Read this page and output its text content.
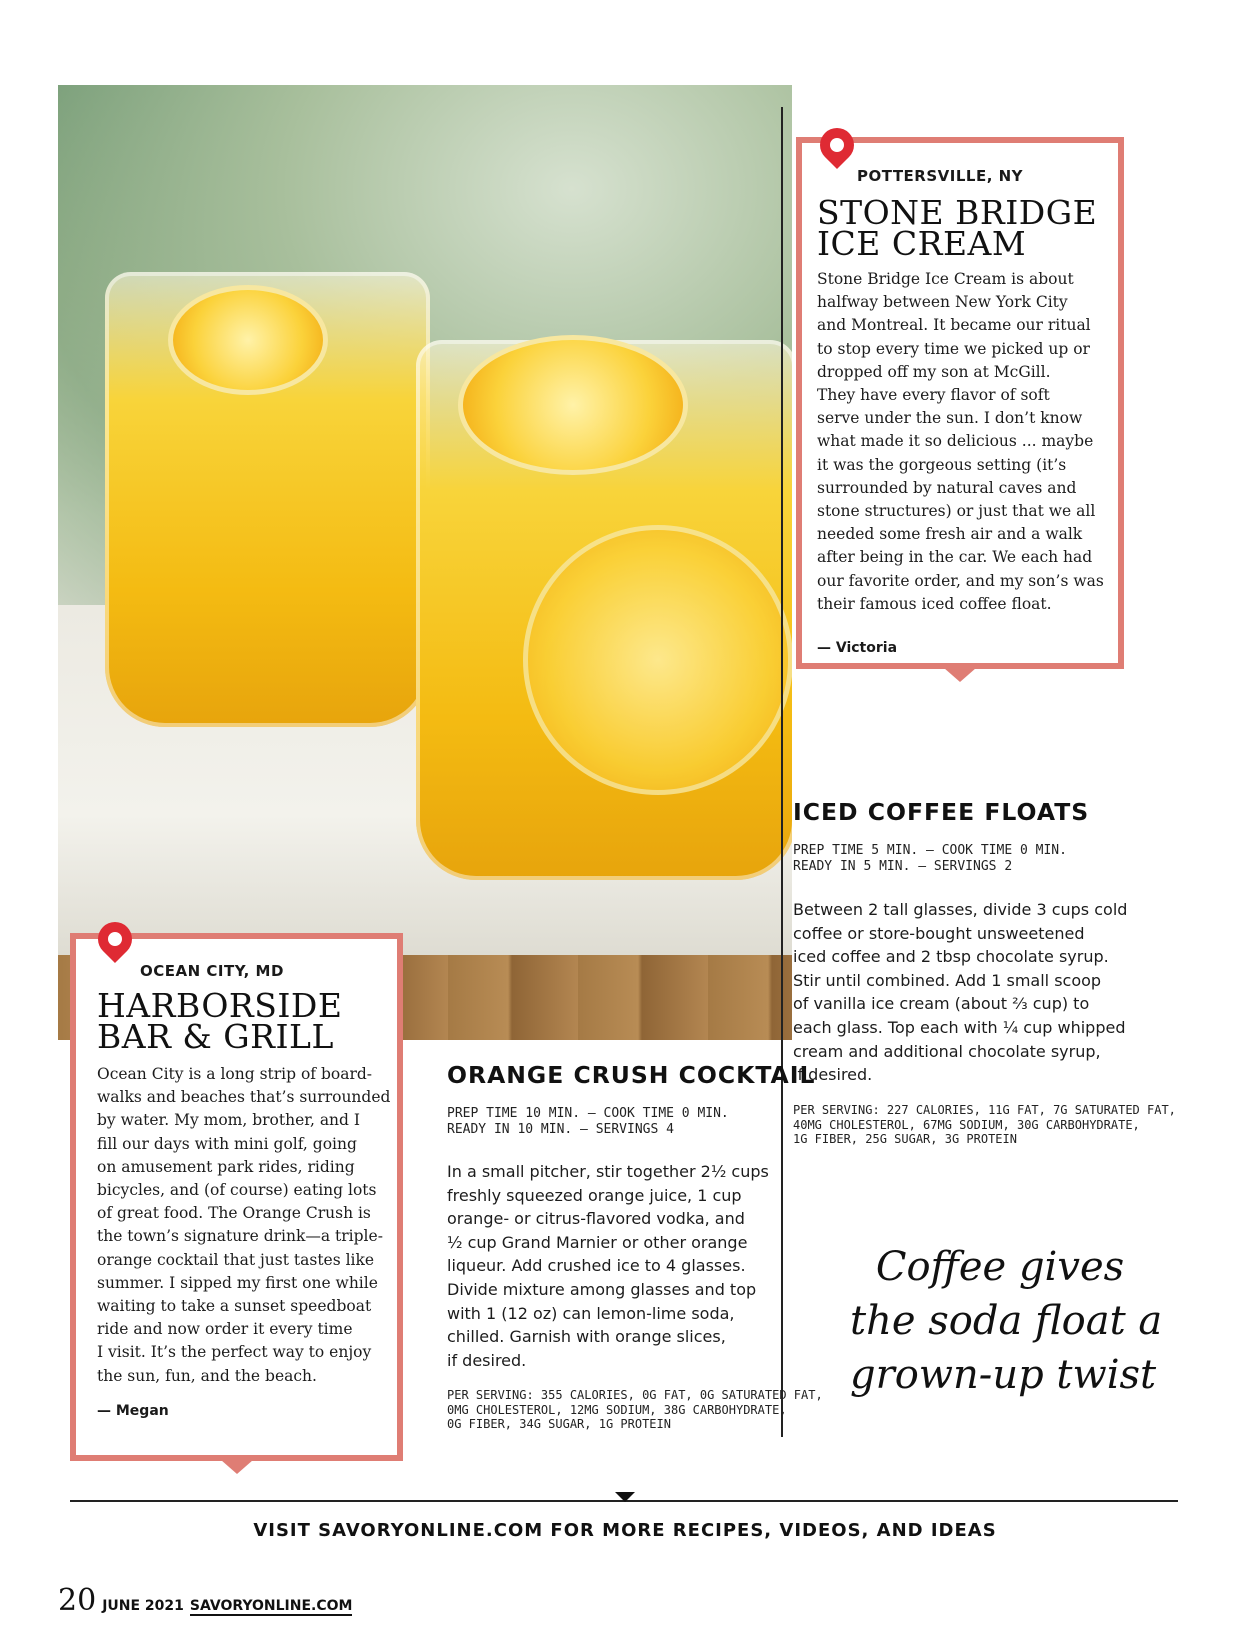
POTTERSVILLE, NY
STONE BRIDGE
ICE CREAM
Stone Bridge Ice Cream is about
halfway between New York City
and Montreal. It became our ritual
to stop every time we picked up or
dropped off my son at McGill.
They have every flavor of soft
serve under the sun. I don’t know
what made it so delicious ... maybe
it was the gorgeous setting (it’s
surrounded by natural caves and
stone structures) or just that we all
needed some fresh air and a walk
after being in the car. We each had
our favorite order, and my son’s was
their famous iced coffee float.
— Victoria
ICED COFFEE FLOATS
PREP TIME 5 MIN. – COOK TIME 0 MIN.
READY IN 5 MIN. – SERVINGS 2
Between 2 tall glasses, divide 3 cups cold
coffee or store-bought unsweetened
iced coffee and 2 tbsp chocolate syrup.
Stir until combined. Add 1 small scoop
of vanilla ice cream (about ⅔ cup) to
each glass. Top each with ¼ cup whipped
cream and additional chocolate syrup,
if desired.
PER SERVING: 227 CALORIES, 11G FAT, 7G SATURATED FAT,
40MG CHOLESTEROL, 67MG SODIUM, 30G CARBOHYDRATE,
1G FIBER, 25G SUGAR, 3G PROTEIN
OCEAN CITY, MD
HARBORSIDE
BAR & GRILL
Ocean City is a long strip of board-
walks and beaches that’s surrounded
by water. My mom, brother, and I
fill our days with mini golf, going
on amusement park rides, riding
bicycles, and (of course) eating lots
of great food. The Orange Crush is
the town’s signature drink—a triple-
orange cocktail that just tastes like
summer. I sipped my first one while
waiting to take a sunset speedboat
ride and now order it every time
I visit. It’s the perfect way to enjoy
the sun, fun, and the beach.
— Megan
ORANGE CRUSH COCKTAIL
PREP TIME 10 MIN. – COOK TIME 0 MIN.
READY IN 10 MIN. – SERVINGS 4
In a small pitcher, stir together 2½ cups
freshly squeezed orange juice, 1 cup
orange- or citrus-flavored vodka, and
½ cup Grand Marnier or other orange
liqueur. Add crushed ice to 4 glasses.
Divide mixture among glasses and top
with 1 (12 oz) can lemon-lime soda,
chilled. Garnish with orange slices,
if desired.
PER SERVING: 355 CALORIES, 0G FAT, 0G SATURATED FAT,
0MG CHOLESTEROL, 12MG SODIUM, 38G CARBOHYDRATE,
0G FIBER, 34G SUGAR, 1G PROTEIN
Coffee gives
the soda float a
grown-up twist
VISIT SAVORYONLINE.COM FOR MORE RECIPES, VIDEOS, AND IDEAS
20 JUNE 2021 SAVORYONLINE.COM
